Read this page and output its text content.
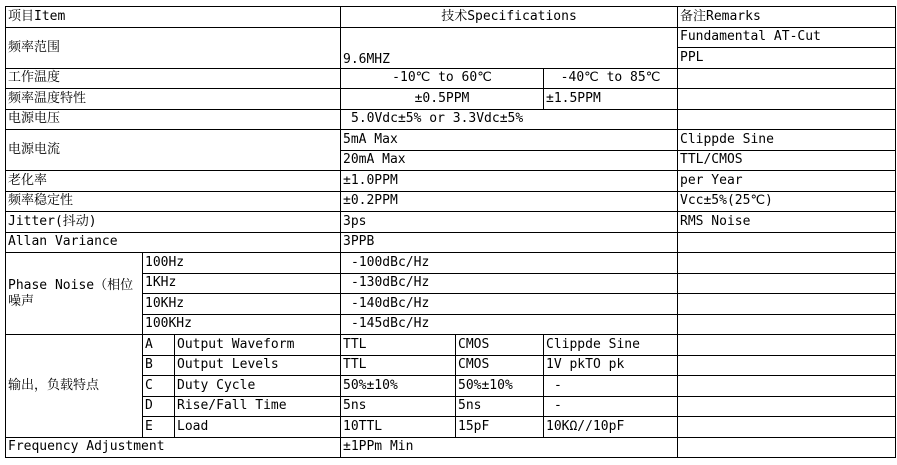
项目Item			技术Specifications			备注Remarks
频率范围			9.6MHZ			Fundamental AT-Cut
						PPL
工作温度			-10℃ to 60℃		-40℃ to 85℃	
频率温度特性			±0.5PPM		±1.5PPM	
电源电压			5.0Vdc±5% or 3.3Vdc±5%			
电源电流			5mA Max			Clippde Sine
			20mA Max			TTL/CMOS
老化率			±1.0PPM			per Year
频率稳定性			±0.2PPM			Vcc±5%(25℃)
Jitter(抖动)			3ps			RMS Noise
Allan Variance			3PPB			
Phase Noise（相位噪声	100Hz		-100dBc/Hz			
	1KHz		-130dBc/Hz			
	10KHz		-140dBc/Hz			
	100KHz		-145dBc/Hz			
输出，负载特点	A	Output Waveform	TTL	CMOS	Clippde Sine	
	B	Output Levels	TTL	CMOS	1V pkTO pk	
	C	Duty Cycle	50%±10%	50%±10%	-	
	D	Rise/Fall Time	5ns	5ns	-	
	E	Load	10TTL	15pF	10KΩ//10pF	
Frequency Adjustment			±1PPm Min			
